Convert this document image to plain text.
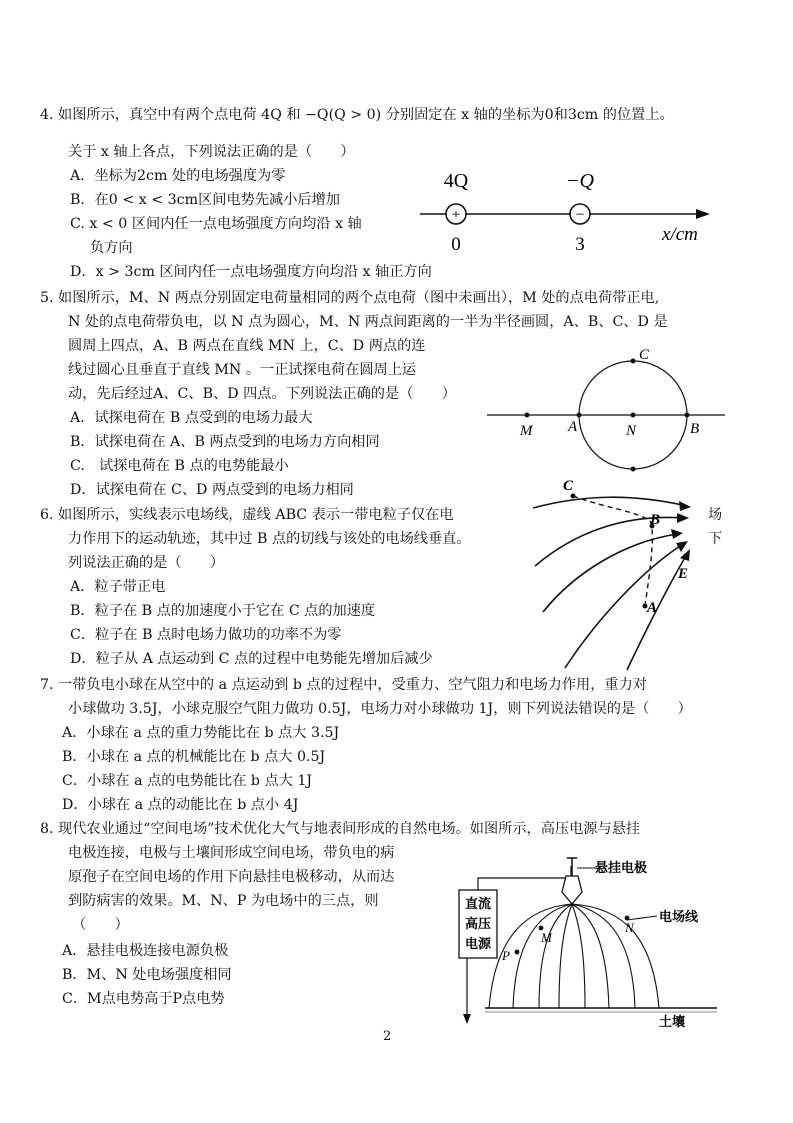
4. 如图所示，真空中有两个点电荷 4Q 和 −Q(Q > 0) 分别固定在 x 轴的坐标为0和3cm 的位置上。
关于 x 轴上各点，下列说法正确的是（　　）
A．坐标为2cm 处的电场强度为零
B．在0 < x < 3cm区间电势先减小后增加
C. x < 0 区间内任一点电场强度方向均沿 x 轴
负方向
D．x > 3cm 区间内任一点电场强度方向均沿 x 轴正方向
+	−
4Q	−Q
0	3	x/cm
5. 如图所示，M、N 两点分别固定电荷量相同的两个点电荷（图中未画出），M 处的点电荷带正电,
N 处的点电荷带负电，以 N 点为圆心，M、N 两点间距离的一半为半径画圆，A、B、C、D 是
圆周上四点，A、B 两点在直线 MN 上，C、D 两点的连
线过圆心且垂直于直线 MN 。一正试探电荷在圆周上运
动，先后经过A、C、B、D 四点。下列说法正确的是（　　）
A．试探电荷在 B 点受到的电场力最大
B．试探电荷在 A、B 两点受到的电场力方向相同
C.　试探电荷在 B 点的电势能最小
D．试探电荷在 C、D 两点受到的电场力相同
M A	N	B
C
6. 如图所示，实线表示电场线，虚线 ABC 表示一带电粒子仅在电
力作用下的运动轨迹，其中过 B 点的切线与该处的电场线垂直。
列说法正确的是（　　）
场
下
A．粒子带正电
B．粒子在 B 点的加速度小于它在 C 点的加速度
C．粒子在 B 点时电场力做功的功率不为零
D．粒子从 A 点运动到 C 点的过程中电势能先增加后减少
A
B
C
E
7. 一带负电小球在从空中的 a 点运动到 b 点的过程中，受重力、空气阻力和电场力作用，重力对
小球做功 3.5J，小球克服空气阻力做功 0.5J，电场力对小球做功 1J，则下列说法错误的是（　　）
A．小球在 a 点的重力势能比在 b 点大 3.5J
B．小球在 a 点的机械能比在 b 点大 0.5J
C．小球在 a 点的电势能比在 b 点大 1J
D．小球在 a 点的动能比在 b 点小 4J
8. 现代农业通过“空间电场”技术优化大气与地表间形成的自然电场。如图所示，高压电源与悬挂
电极连接，电极与土壤间形成空间电场，带负电的病
原孢子在空间电场的作用下向悬挂电极移动，从而达
到防病害的效果。M、N、P 为电场中的三点，则
（　　）
A．悬挂电极连接电源负极
B．M、N 处电场强度相同
C．M点电势高于P点电势
直流
高压
电源
悬挂电极
电场线
M
N
P
土壤
2
